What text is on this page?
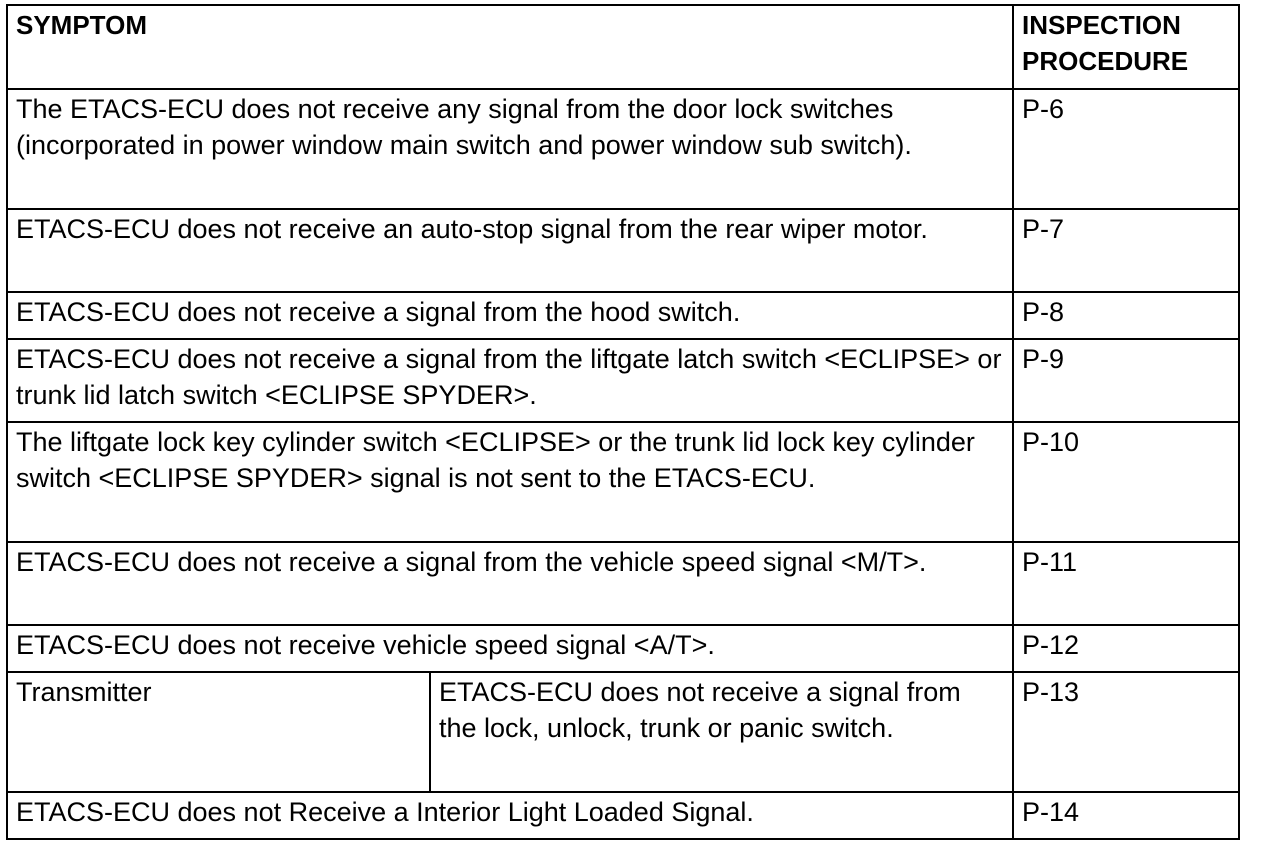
SYMPTOM		INSPECTION PROCEDURE
The ETACS-ECU does not receive any signal from the door lock switches (incorporated in power window main switch and power window sub switch).		P-6
ETACS-ECU does not receive an auto-stop signal from the rear wiper motor.		P-7
ETACS-ECU does not receive a signal from the hood switch.		P-8
ETACS-ECU does not receive a signal from the liftgate latch switch <ECLIPSE> or trunk lid latch switch <ECLIPSE SPYDER>.		P-9
The liftgate lock key cylinder switch <ECLIPSE> or the trunk lid lock key cylinder switch <ECLIPSE SPYDER> signal is not sent to the ETACS-ECU.		P-10
ETACS-ECU does not receive a signal from the vehicle speed signal <M/T>.		P-11
ETACS-ECU does not receive vehicle speed signal <A/T>.		P-12
Transmitter	ETACS-ECU does not receive a signal from the lock, unlock, trunk or panic switch.	P-13
ETACS-ECU does not Receive a Interior Light Loaded Signal.		P-14
